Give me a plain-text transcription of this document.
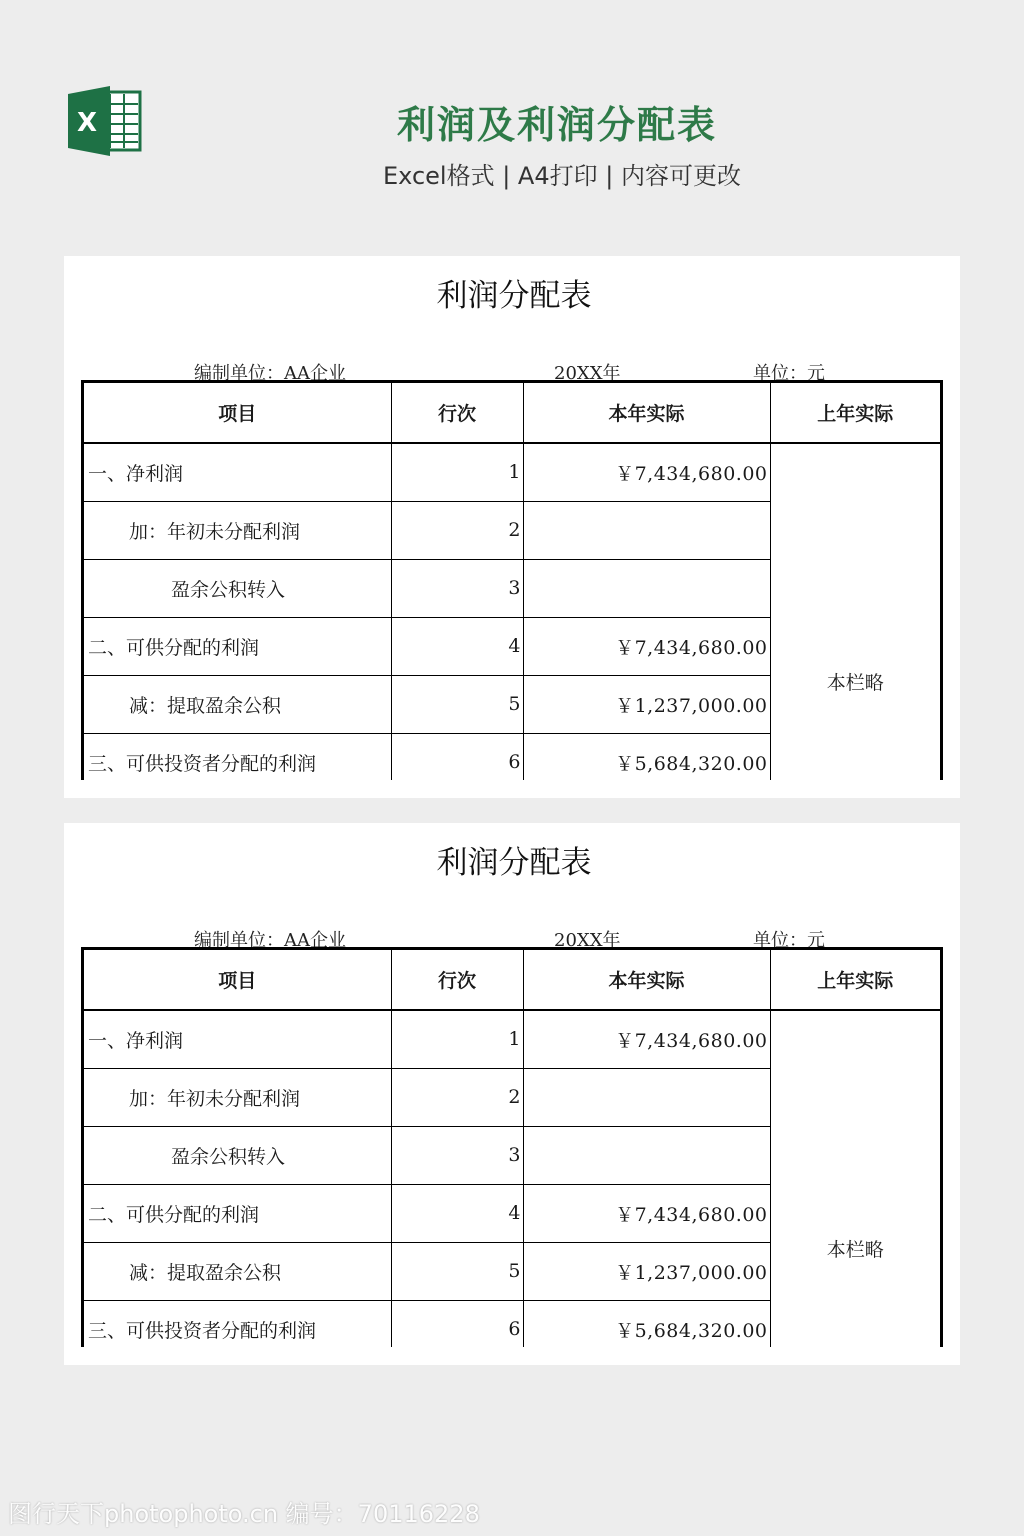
X	利润及利润分配表
Excel格式 | A4打印 | 内容可更改
利润分配表
编制单位：AA企业	20XX年	单位：元
项目	行次	本年实际	上年实际
一、净利润	1	￥7,434,680.00	本栏略
加：年初未分配利润	2		
盈余公积转入	3		
二、可供分配的利润	4	￥7,434,680.00	
减：提取盈余公积	5	￥1,237,000.00	
三、可供投资者分配的利润	6	￥5,684,320.00	

利润分配表
编制单位：AA企业	20XX年	单位：元
项目	行次	本年实际	上年实际
一、净利润	1	￥7,434,680.00	本栏略
加：年初未分配利润	2		
盈余公积转入	3		
二、可供分配的利润	4	￥7,434,680.00	
减：提取盈余公积	5	￥1,237,000.00	
三、可供投资者分配的利润	6	￥5,684,320.00	

图行天下photophoto.cn 编号：70116228
